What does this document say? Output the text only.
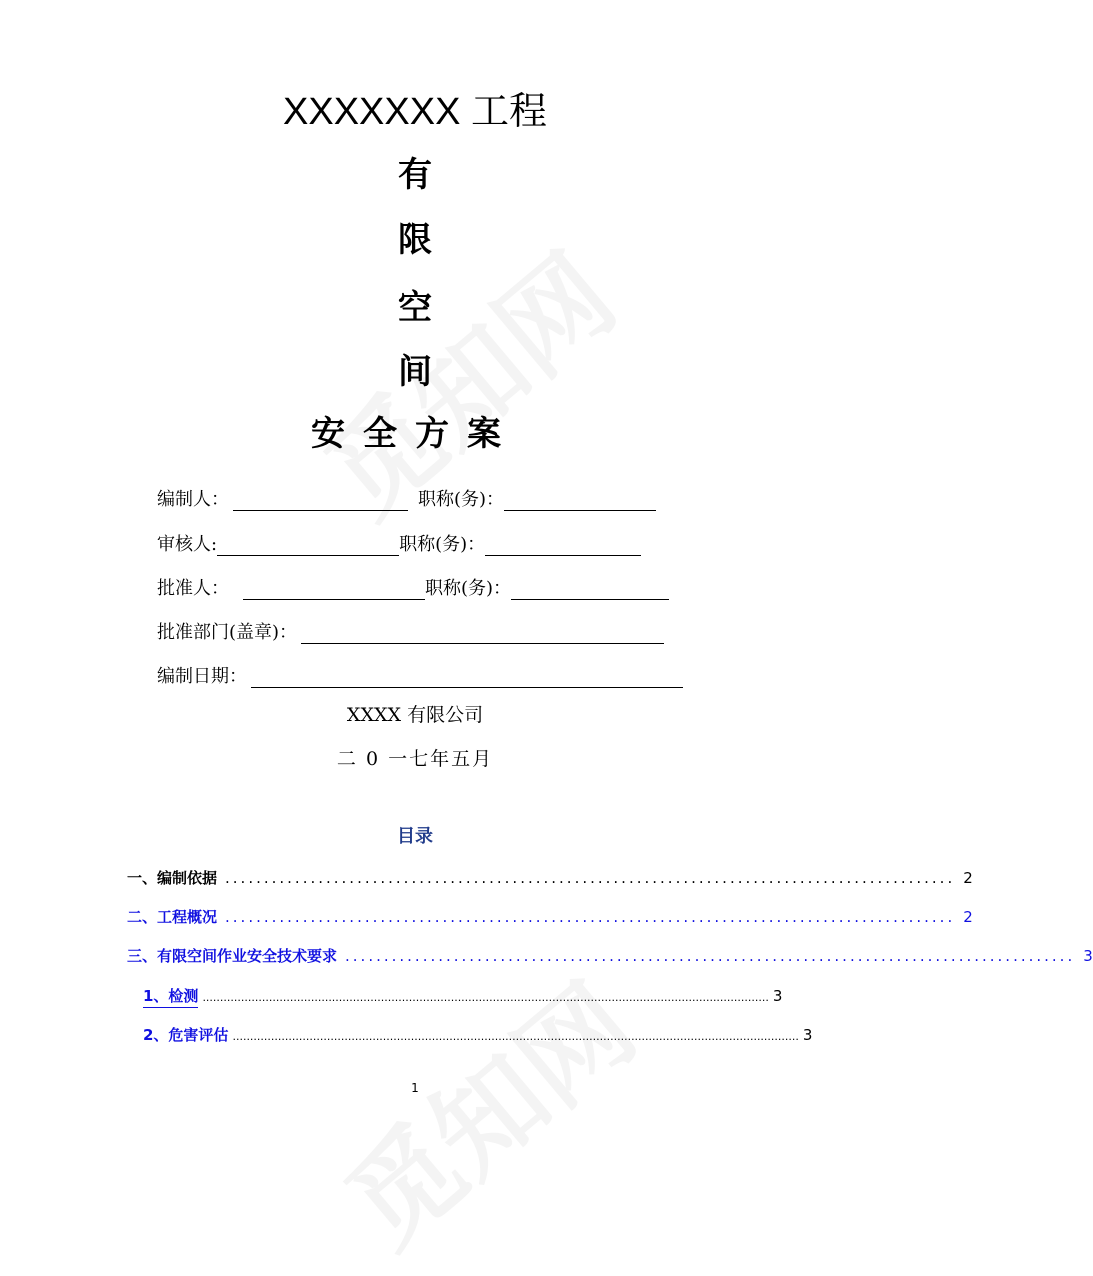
XXXXXXX 工程
有
限
空
间
安全方案
编制人：	职称(务)：
审核人:	职称(务)：
批准人：	职称(务)：
批准部门(盖章)：
编制日期：
XXXX 有限公司
二 0 一七年五月
目录
一、编制依据 .............................................................................................. 2
二、工程概况 .............................................................................................. 2
三、有限空间作业安全技术要求 .............................................................................................. 3
1、检测 .................................................................................................................................................................. 3
2、危害评估 .................................................................................................................................................................. 3
1
